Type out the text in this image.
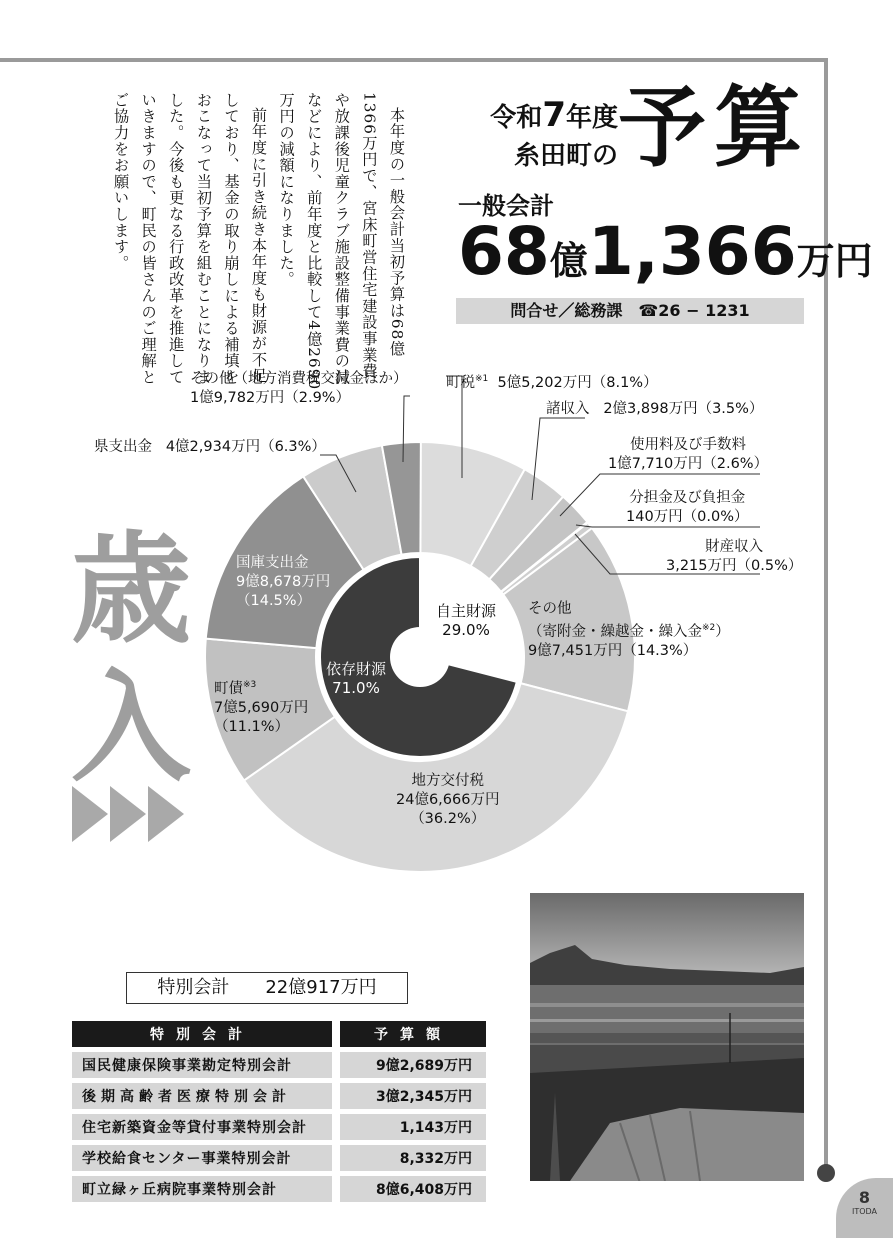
本年度の一般会計当初予算は68億1366万円で、宮床町営住宅建設事業費や放課後児童クラブ施設整備事業費の減などにより、前年度と比較して4億2690万円の減額になりました。

前年度に引き続き本年度も財源が不足しており、基金の取り崩しによる補填をおこなって当初予算を組むことになりました。今後も更なる行政改革を推進していきますので、町民の皆さんのご理解とご協力をお願いします。	令和7年度
糸田町の 予算
一般会計
68億1,366万円
問合せ／総務課　☎26 − 1231
歳
入
町税$^{※1}$ 5億5,202万円（8.1%）
諸収入 2億3,898万円（3.5%）
使用料及び手数料
1億7,710万円（2.6%）
分担金及び負担金
140万円（0.0%）
財産収入
3,215万円（0.5%）
その他
（寄附金・繰越金・繰入金$^{※2}$）
9億7,451万円（14.3%）
地方交付税
24億6,666万円
（36.2%）
町債$^{※3}$
7億5,690万円
（11.1%）
国庫支出金
9億8,678万円
（14.5%）
県支出金 4億2,934万円（6.3%）
その他（地方消費税交付金ほか）
1億9,782万円（2.9%）
自主財源
29.0%
依存財源
71.0%
特別会計 22億917万円
特別会計		予算額
国民健康保険事業勘定特別会計		9億2,689万円
後期高齢者医療特別会計		3億2,345万円
住宅新築資金等貸付事業特別会計		1,143万円
学校給食センター事業特別会計		8,332万円
町立緑ヶ丘病院事業特別会計		8億6,408万円	8
ITODA
